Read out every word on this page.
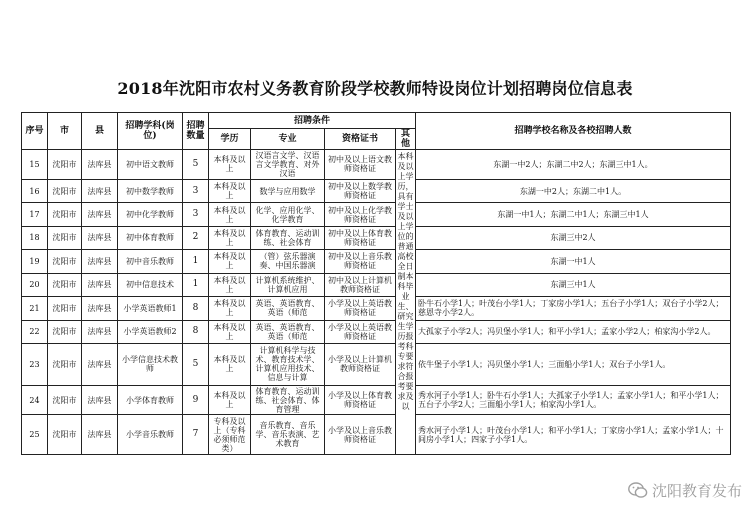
2018年沈阳市农村义务教育阶段学校教师特设岗位计划招聘岗位信息表
序号	市	县	招聘学科(岗位)	招聘数量	招聘条件				招聘学校名称及各校招聘人数
					学历	专业	资格证书	其他	
15	沈阳市	法库县	初中语文教师	5	本科及以上	汉语言文学、汉语言文学教育、对外汉语	初中及以上语文教师资格证	本科及以上学历，具有学士及以上学位的普通高校全日制本科毕业生、研究生学历报考科专要求符合报考要求及以	东湖一中2人；东湖二中2人；东湖三中1人。
16	沈阳市	法库县	初中数学教师	3	本科及以上	数学与应用数学	初中及以上数学教师资格证		东湖一中2人；东湖二中1人。
17	沈阳市	法库县	初中化学教师	3	本科及以上	化学、应用化学、化学教育	初中及以上化学教师资格证		东湖一中1人；东湖二中1人；东湖三中1人
18	沈阳市	法库县	初中体育教师	2	本科及以上	体育教育、运动训练、社会体育	初中及以上体育教师资格证		东湖三中2人
19	沈阳市	法库县	初中音乐教师	1	本科及以上	（管）弦乐器演奏、中国乐器演	初中及以上音乐教师资格证		东湖一中1人
20	沈阳市	法库县	初中信息技术	1	本科及以上	计算机系统维护、计算机应用	初中及以上计算机教师资格证		东湖三中1人
21	沈阳市	法库县	小学英语教师1	8	本科及以上	英语、英语教育、英语（师范	小学及以上英语教师资格证		卧牛石小学1人；叶茂台小学1人；丁家房小学1人；五台子小学1人；双台子小学2人；慈恩寺小学2人。
22	沈阳市	法库县	小学英语教师2	8	本科及以上	英语、英语教育、英语（师范	小学及以上英语教师资格证		大孤家子小学2人；冯贝堡小学1人；和平小学1人；孟家小学2人；柏家沟小学2人。
23	沈阳市	法库县	小学信息技术教师	5	本科及以上	计算机科学与技术、教育技术学、计算机应用技术、信息与计算	小学及以上计算机教师资格证		依牛堡子小学1人；冯贝堡小学1人；三面船小学1人；双台子小学1人。
24	沈阳市	法库县	小学体育教师	9	本科及以上	体育教育、运动训练、社会体育、体育管理	小学及以上体育教师资格证		秀水河子小学1人；卧牛石小学1人；大孤家子小学1人；孟家小学1人；和平小学1人；五台子小学2人；三面船小学1人；柏家沟小学1人。
25	沈阳市	法库县	小学音乐教师	7	专科及以上（专科必须师范类）	音乐教育、音乐学、音乐表演、艺术教育	小学及以上音乐教师资格证		秀水河子小学1人；叶茂台小学1人；和平小学1人；丁家房小学1人；孟家小学1人；十间房小学1人；四家子小学1人。
沈阳教育发布
